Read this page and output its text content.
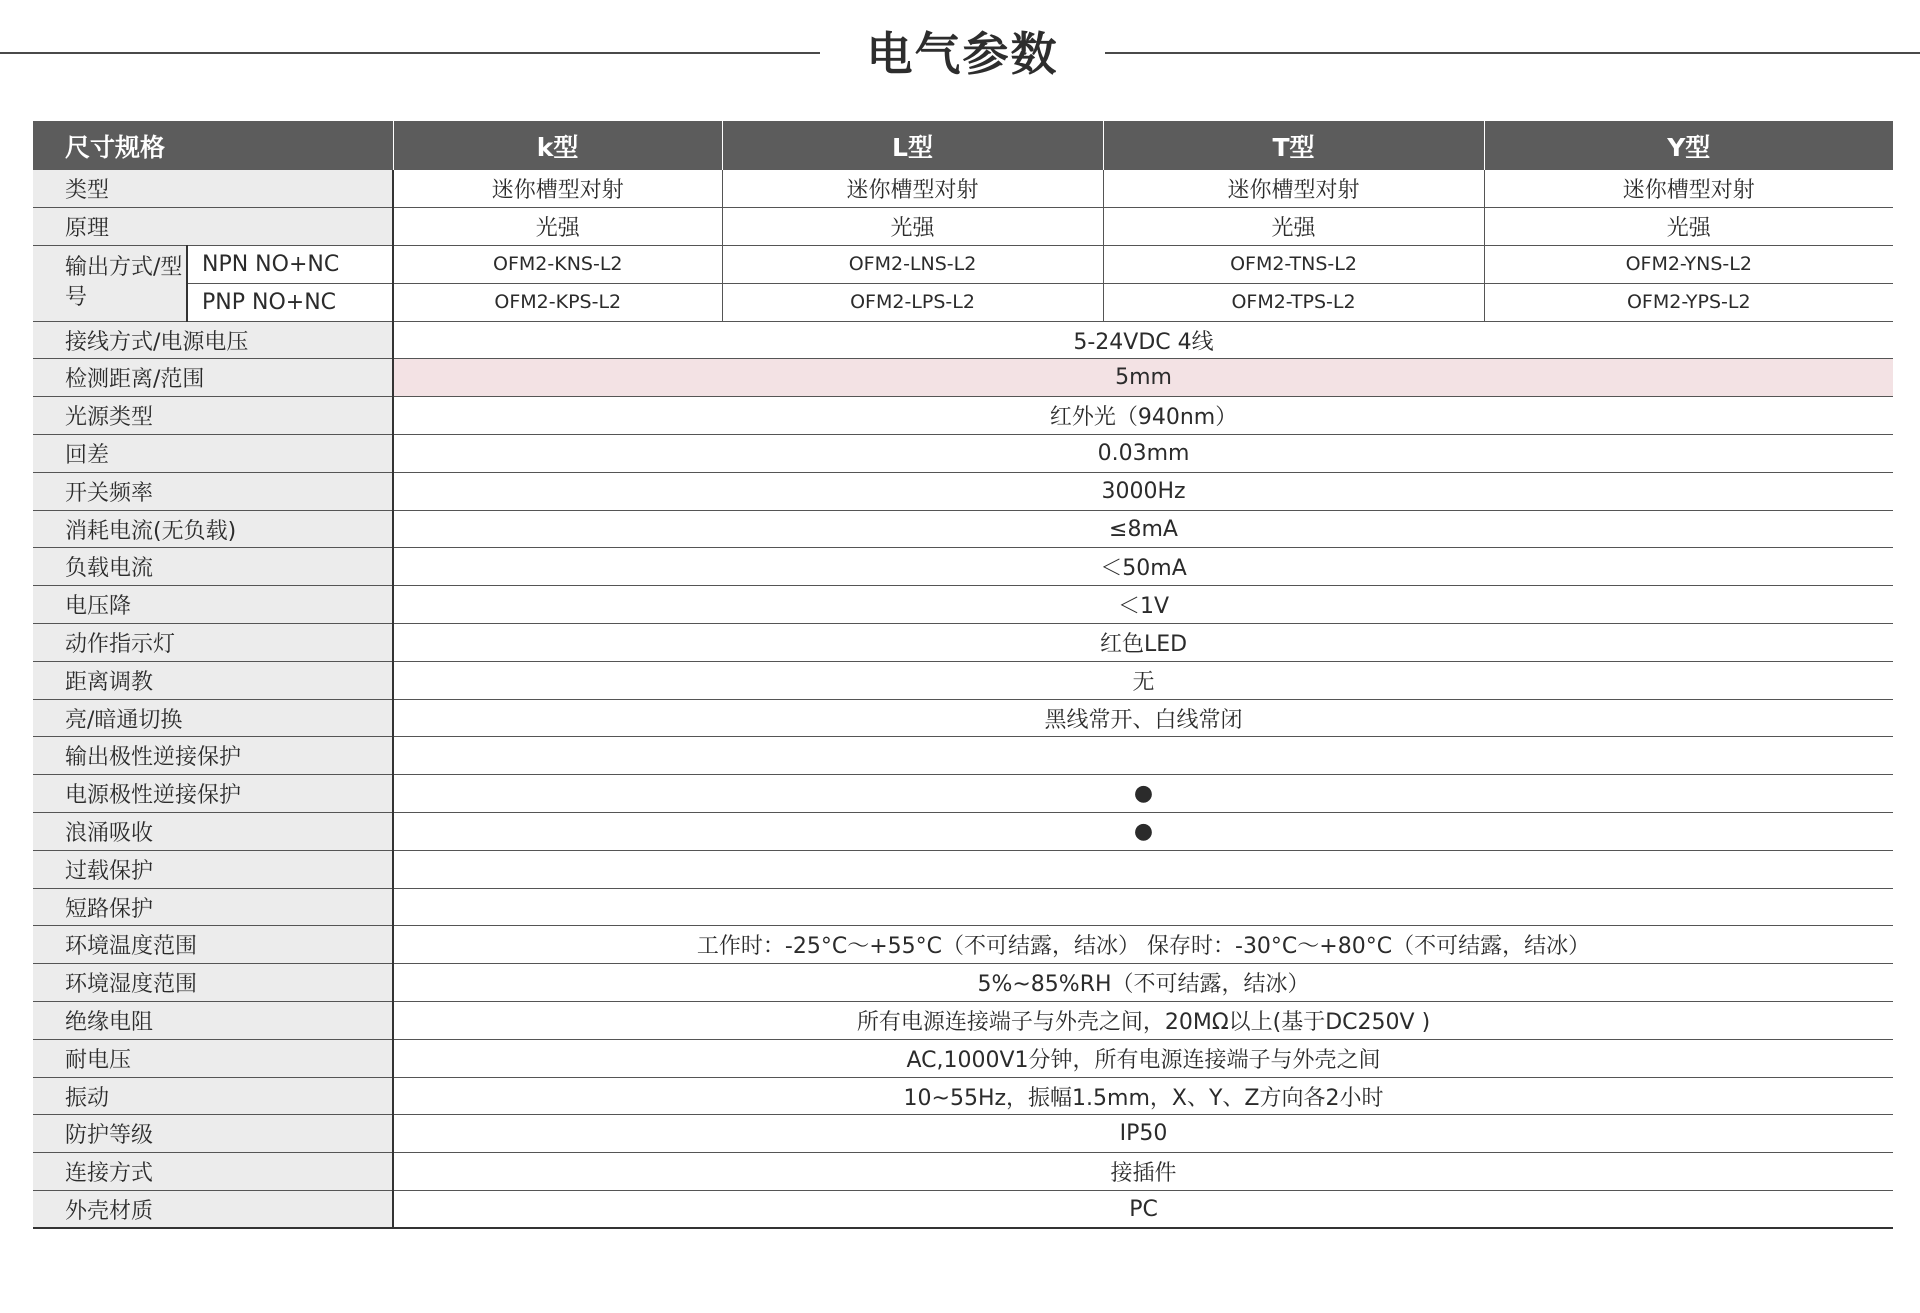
电气参数
尺寸规格		k型	L型	T型	Y型
类型		迷你槽型对射	迷你槽型对射	迷你槽型对射	迷你槽型对射
原理		光强	光强	光强	光强
输出方式/型号	NPN NO+NC	OFM2-KNS-L2	OFM2-LNS-L2	OFM2-TNS-L2	OFM2-YNS-L2
	PNP NO+NC	OFM2-KPS-L2	OFM2-LPS-L2	OFM2-TPS-L2	OFM2-YPS-L2
接线方式/电源电压		5-24VDC 4线			
检测距离/范围		5mm			
光源类型		红外光（940nm）			
回差		0.03mm			
开关频率		3000Hz			
消耗电流(无负载)		≤8mA			
负载电流		＜50mA			
电压降		＜1V			
动作指示灯		红色LED			
距离调教		无			
亮/暗通切换		黑线常开、白线常闭			
输出极性逆接保护					
电源极性逆接保护		●			
浪涌吸收		●			
过载保护					
短路保护					
环境温度范围		工作时：-25°C～+55°C（不可结露，结冰） 保存时：-30°C～+80°C（不可结露，结冰）			
环境湿度范围		5%~85%RH（不可结露，结冰）			
绝缘电阻		所有电源连接端子与外壳之间，20MΩ以上(基于DC250V )			
耐电压		AC,1000V1分钟，所有电源连接端子与外壳之间			
振动		10~55Hz，振幅1.5mm，X、Y、Z方向各2小时			
防护等级		IP50			
连接方式		接插件			
外壳材质		PC			
